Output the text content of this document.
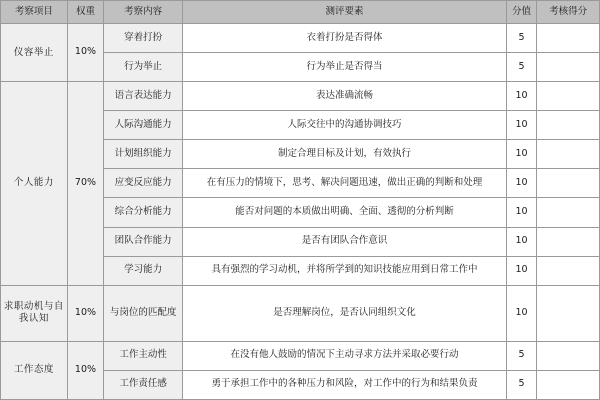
考察项目	权重	考察内容	测评要素	分值	考核得分
仪容举止	10%	穿着打扮	衣着打扮是否得体	5	
		行为举止	行为举止是否得当	5	
个人能力	70%	语言表达能力	表达准确流畅	10	
		人际沟通能力	人际交往中的沟通协调技巧	10	
		计划组织能力	制定合理目标及计划，有效执行	10	
		应变反应能力	在有压力的情境下，思考、解决问题迅速，做出正确的判断和处理	10	
		综合分析能力	能否对问题的本质做出明确、全面、透彻的分析判断	10	
		团队合作能力	是否有团队合作意识	10	
		学习能力	具有强烈的学习动机，并将所学到的知识技能应用到日常工作中	10	
求职动机与自我认知	10%	与岗位的匹配度	是否理解岗位，是否认同组织文化	10	
工作态度	10%	工作主动性	在没有他人鼓励的情况下主动寻求方法并采取必要行动	5	
		工作责任感	勇于承担工作中的各种压力和风险，对工作中的行为和结果负责	5	
